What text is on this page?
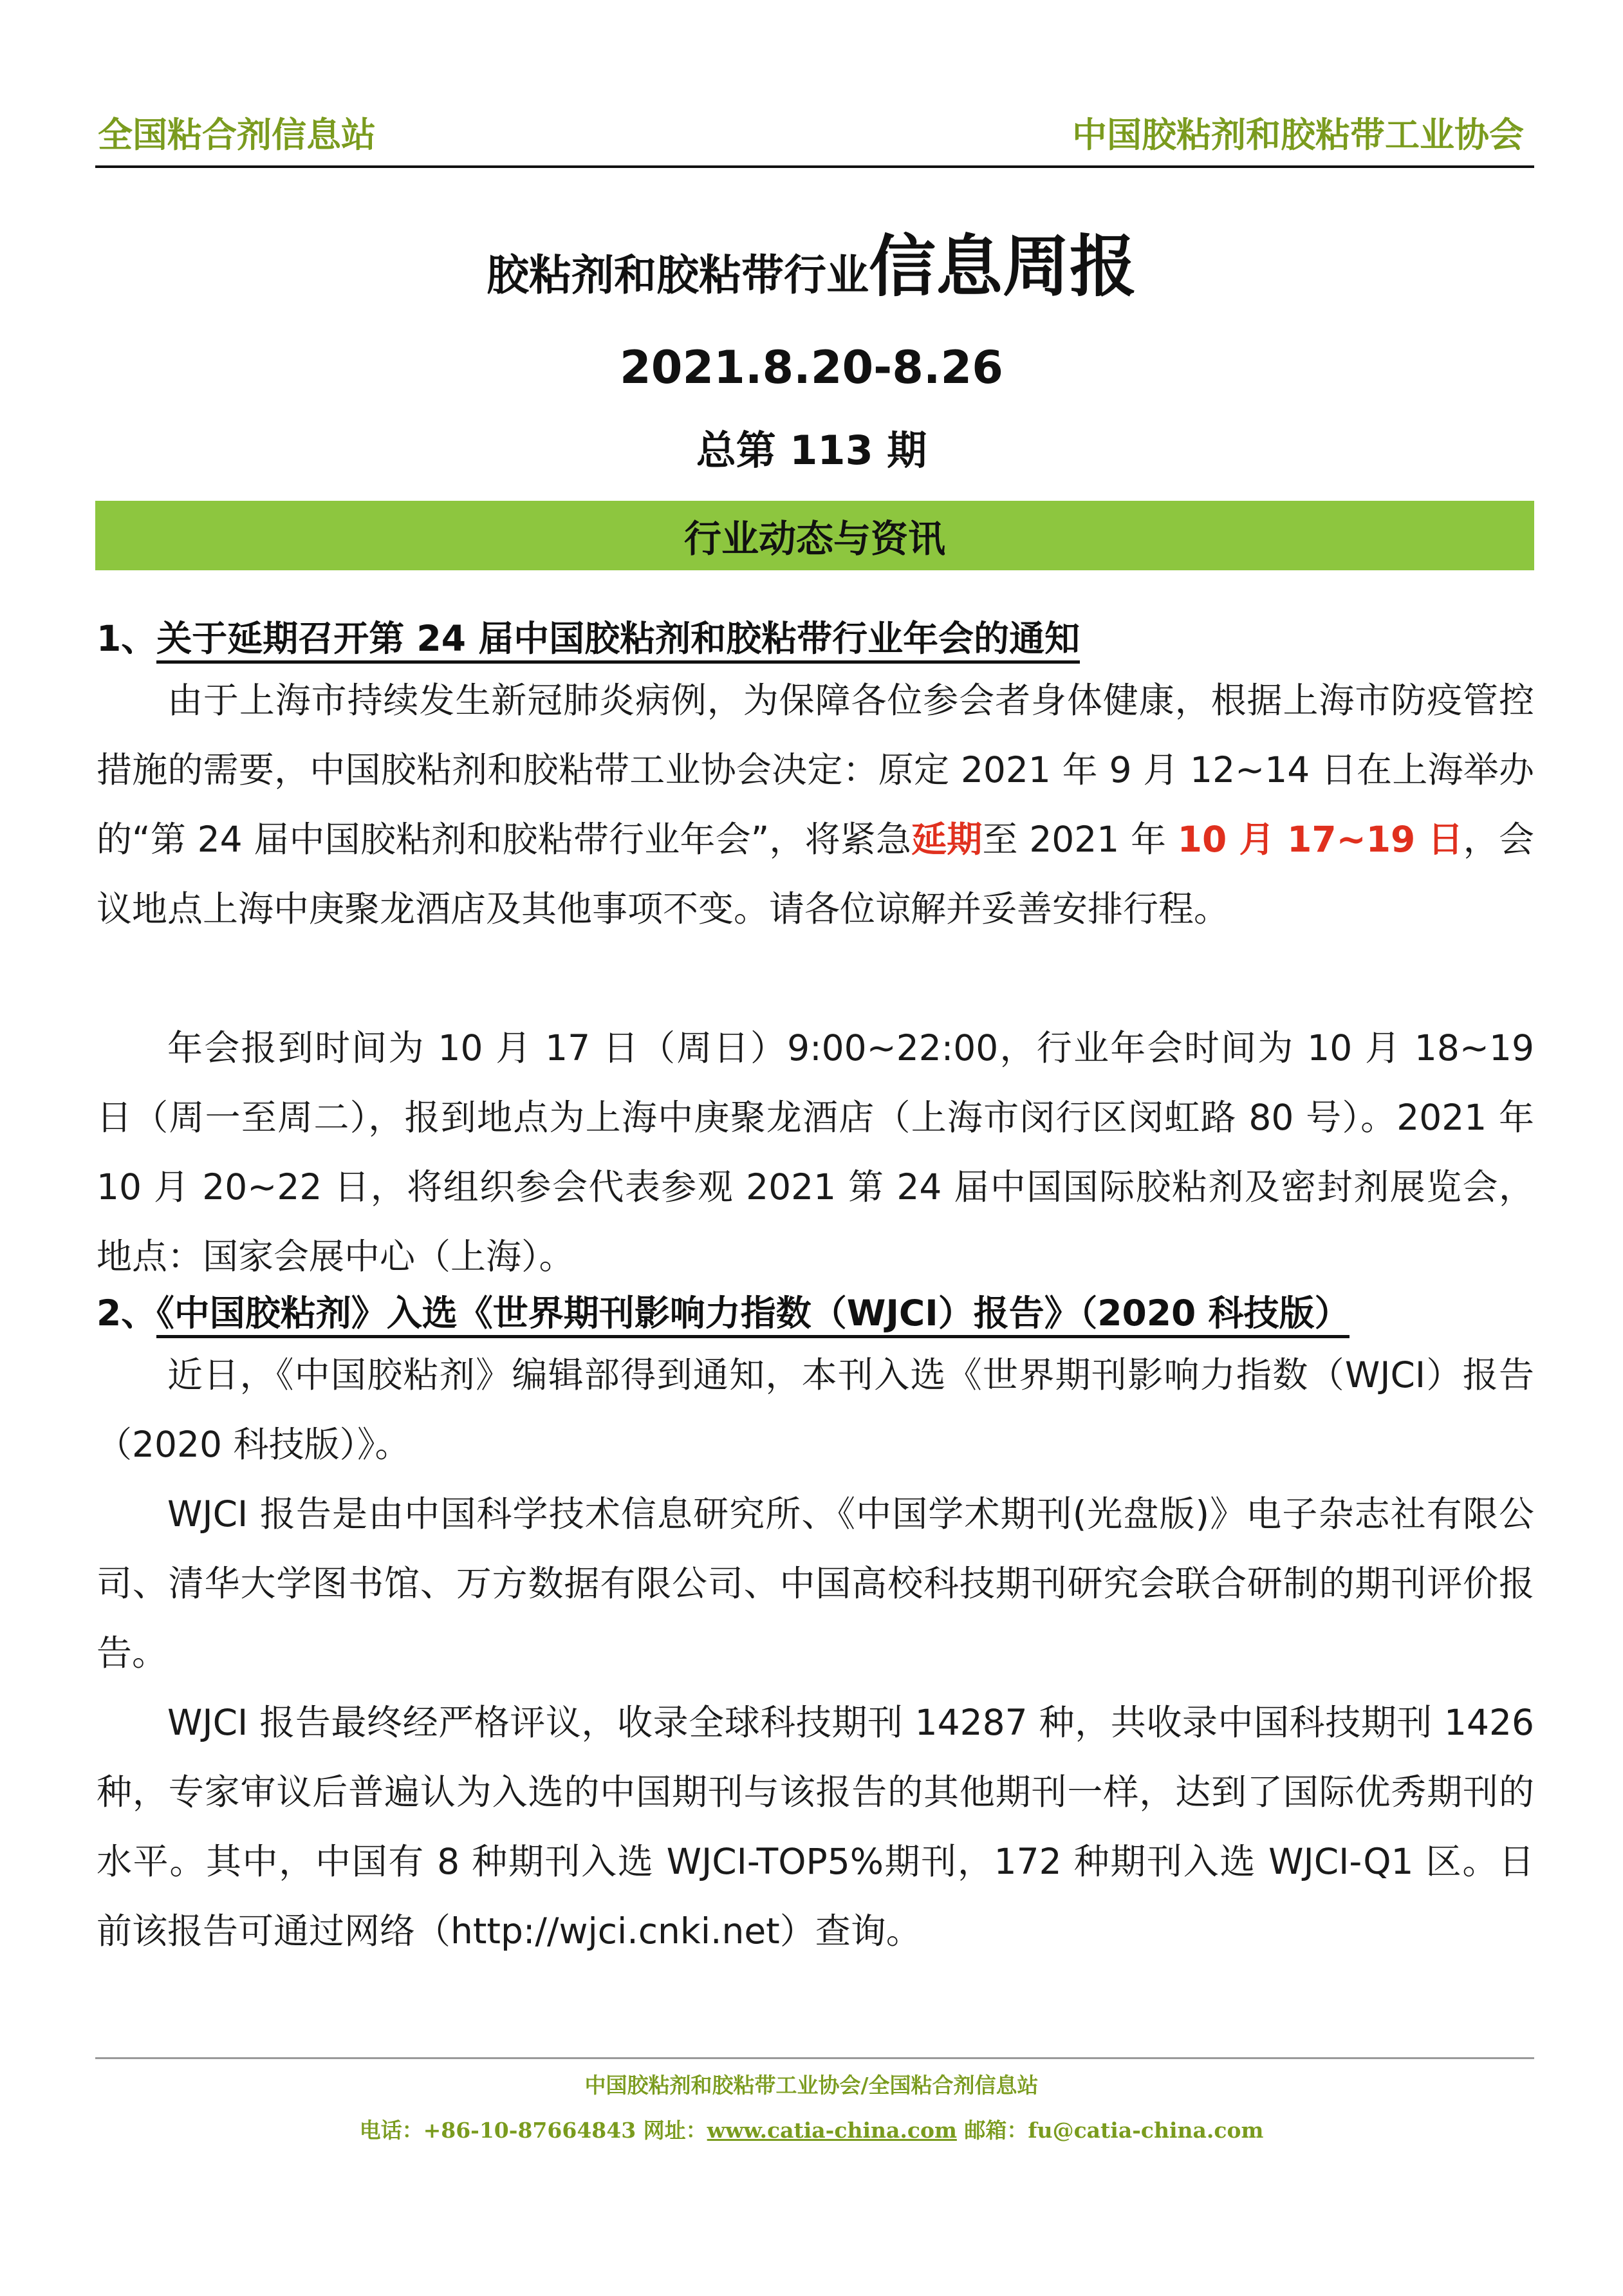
全国粘合剂信息站	中国胶粘剂和胶粘带工业协会
胶粘剂和胶粘带行业信息周报
2021.8.20-8.26
总第 113 期
行业动态与资讯
1、关于延期召开第 24 届中国胶粘剂和胶粘带行业年会的通知

由于上海市持续发生新冠肺炎病例，为保障各位参会者身体健康，根据上海市防疫管控措施的需要，中国胶粘剂和胶粘带工业协会决定：原定 2021 年 9 月 12~14 日在上海举办的“第 24 届中国胶粘剂和胶粘带行业年会”，将紧急延期至 2021 年 10 月 17~19 日，会议地点上海中庚聚龙酒店及其他事项不变。请各位谅解并妥善安排行程。

年会报到时间为 10 月 17 日（周日）9:00~22:00，行业年会时间为 10 月 18~19 日（周一至周二），报到地点为上海中庚聚龙酒店（上海市闵行区闵虹路 80 号）。2021 年 10 月 20~22 日，将组织参会代表参观 2021 第 24 届中国国际胶粘剂及密封剂展览会，地点：国家会展中心（上海）。

2、《中国胶粘剂》入选《世界期刊影响力指数（WJCI）报告》（2020 科技版）

近日，《中国胶粘剂》编辑部得到通知，本刊入选《世界期刊影响力指数（WJCI）报告（2020 科技版）》。

WJCI 报告是由中国科学技术信息研究所、《中国学术期刊(光盘版)》电子杂志社有限公司、清华大学图书馆、万方数据有限公司、中国高校科技期刊研究会联合研制的期刊评价报告。

WJCI 报告最终经严格评议，收录全球科技期刊 14287 种，共收录中国科技期刊 1426 种，专家审议后普遍认为入选的中国期刊与该报告的其他期刊一样，达到了国际优秀期刊的水平。其中，中国有 8 种期刊入选 WJCI-TOP5%期刊，172 种期刊入选 WJCI-Q1 区。日前该报告可通过网络（http://wjci.cnki.net）查询。

中国胶粘剂和胶粘带工业协会/全国粘合剂信息站
电话：+86-10-87664843 网址：www.catia-china.com 邮箱：fu@catia-china.com
